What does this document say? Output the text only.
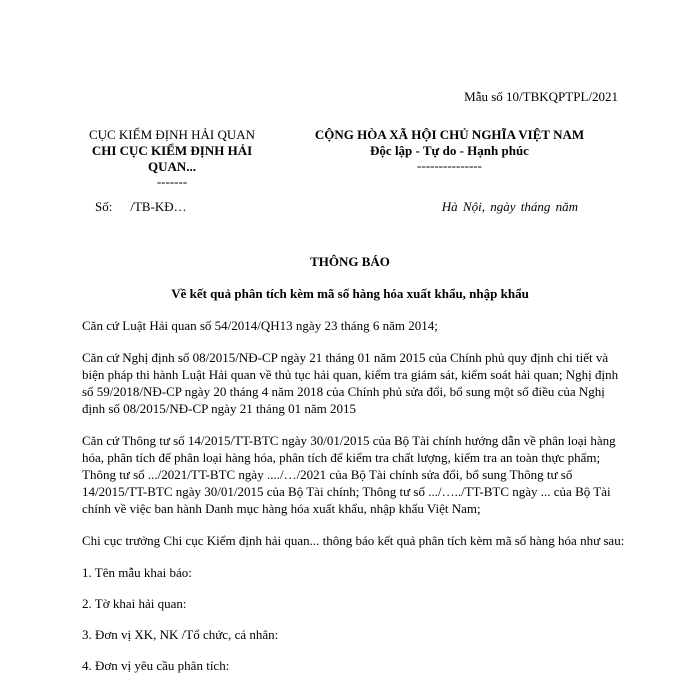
Mẫu số 10/TBKQPTPL/2021
CỤC KIỂM ĐỊNH HẢI QUAN
CHI CỤC KIỂM ĐỊNH HẢI
QUAN...
-------
CỘNG HÒA XÃ HỘI CHỦ NGHĨA VIỆT NAM
Độc lập - Tự do - Hạnh phúc
---------------
Số: /TB-KĐ…	Hà Nội, ngày tháng năm
THÔNG BÁO
Về kết quả phân tích kèm mã số hàng hóa xuất khẩu, nhập khẩu

Căn cứ Luật Hải quan số 54/2014/QH13 ngày 23 tháng 6 năm 2014;

Căn cứ Nghị định số 08/2015/NĐ-CP ngày 21 tháng 01 năm 2015 của Chính phủ quy định chi tiết và biện pháp thi hành Luật Hải quan về thủ tục hải quan, kiểm tra giám sát, kiểm soát hải quan; Nghị định số 59/2018/NĐ-CP ngày 20 tháng 4 năm 2018 của Chính phủ sửa đổi, bổ sung một số điều của Nghị định số 08/2015/NĐ-CP ngày 21 tháng 01 năm 2015

Căn cứ Thông tư số 14/2015/TT-BTC ngày 30/01/2015 của Bộ Tài chính hướng dẫn về phân loại hàng hóa, phân tích để phân loại hàng hóa, phân tích để kiểm tra chất lượng, kiểm tra an toàn thực phẩm; Thông tư số .../2021/TT-BTC ngày ..../…/2021 của Bộ Tài chính sửa đổi, bổ sung Thông tư số 14/2015/TT-BTC ngày 30/01/2015 của Bộ Tài chính; Thông tư số .../…../TT-BTC ngày ... của Bộ Tài chính về việc ban hành Danh mục hàng hóa xuất khẩu, nhập khẩu Việt Nam;

Chi cục trưởng Chi cục Kiểm định hải quan... thông báo kết quả phân tích kèm mã số hàng hóa như sau:

1. Tên mẫu khai báo:
2. Tờ khai hải quan:
3. Đơn vị XK, NK /Tổ chức, cá nhân:
4. Đơn vị yêu cầu phân tích:
